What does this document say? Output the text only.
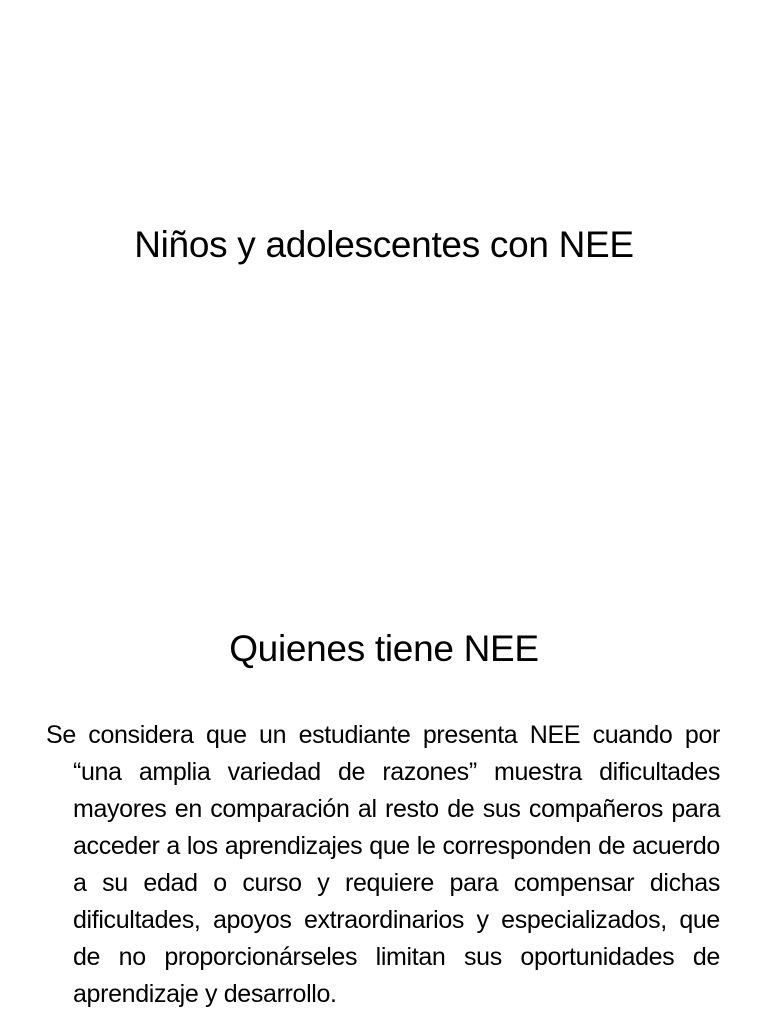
Niños y adolescentes con NEE
Quienes tiene NEE

Se considera que un estudiante presenta NEE cuando por “una amplia variedad de razones” muestra dificultades mayores en comparación al resto de sus compañeros para acceder a los aprendizajes que le corresponden de acuerdo a su edad o curso y requiere para compensar dichas dificultades, apoyos extraordinarios y especializados, que de no proporcionárseles limitan sus oportunidades de aprendizaje y desarrollo.
